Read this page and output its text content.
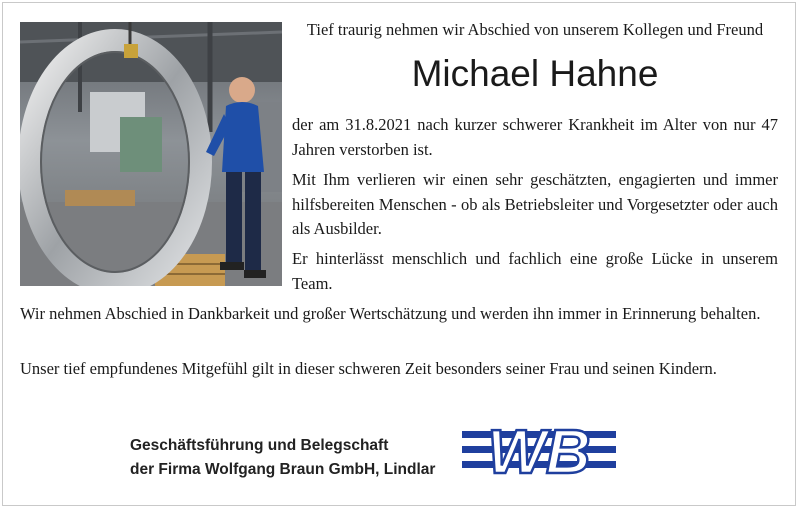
Tief traurig nehmen wir Abschied von unserem Kollegen und Freund
Michael Hahne

der am 31.8.2021 nach kurzer schwerer Krankheit im Alter von nur 47 Jahren verstorben ist.

Mit Ihm verlieren wir einen sehr geschätzten, engagierten und immer hilfsbereiten Menschen - ob als Betriebsleiter und Vorgesetzter oder auch als Ausbilder.

Er hinterlässt menschlich und fachlich eine große Lücke in unserem Team.

Wir nehmen Abschied in Dankbarkeit und großer Wertschätzung und werden ihn immer in Erinnerung behalten.

Unser tief empfundenes Mitgefühl gilt in dieser schweren Zeit besonders seiner Frau und seinen Kindern.

Geschäftsführung und Belegschaft
der Firma Wolfgang Braun GmbH, Lindlar WB
